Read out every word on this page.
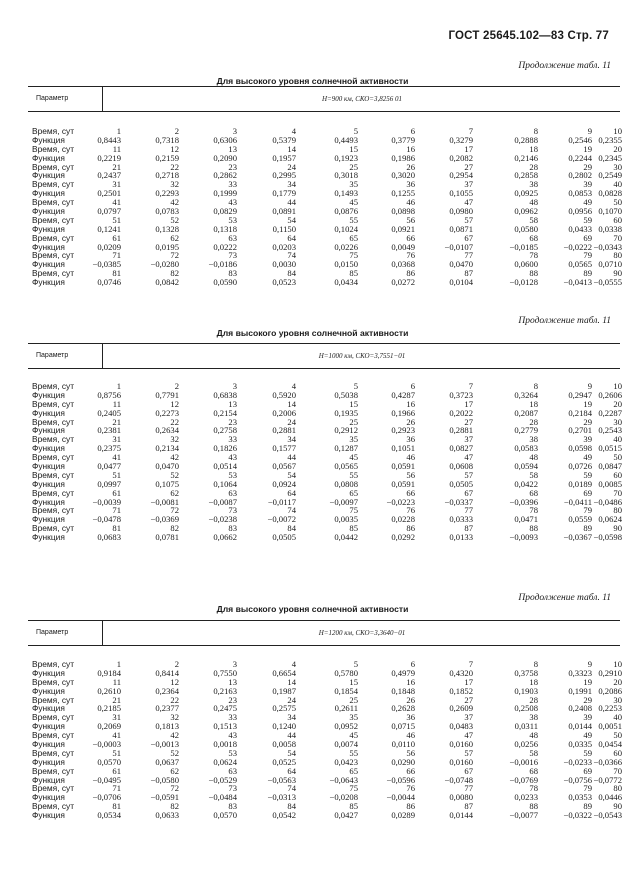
ГОСТ 25645.102—83 Стр. 77
Продолжение табл. 11
Для высокого уровня солнечной активности
Параметр	H=900 км, СКО=3,8256 01
Время, сут	1	2	3	4	5	6	7	8	9	10
Функция	0,8443	0,7318	0,6306	0,5379	0,4493	0,3779	0,3279	0,2888	0,2546 0,2355
Время, сут	11	12	13	14	15	16	17	18	19	20
Функция	0,2219	0,2159	0,2090	0,1957	0,1923	0,1986	0,2082	0,2146	0,2244 0,2345
Время, сут	21	22	23	24	25	26	27	28	29	30
Функция	0,2437	0,2718	0,2862	0,2995	0,3018	0,3020	0,2954	0,2858	0,2802 0,2549
Время, сут	31	32	33	34	35	36	37	38	39	40
Функция	0,2501	0,2293	0,1999	0,1779	0,1493	0,1255	0,1055	0,0925	0,0853 0,0828
Время, сут	41	42	43	44	45	46	47	48	49	50
Функция	0,0797	0,0783	0,0829	0,0891	0,0876	0,0898	0,0980	0,0962	0,0956 0,1070
Время, сут	51	52	53	54	55	56	57	58	59	60
Функция	0,1241	0,1328	0,1318	0,1150	0,1024	0,0921	0,0871	0,0580	0,0433 0,0338
Время, сут	61	62	63	64	65	66	67	68	69	70
Функция	0,0209	0,0195	0,0222	0,0203	0,0226	0,0049	−0,0107	−0,0185	−0,0222 −0,0343
Время, сут	71	72	73	74	75	76	77	78	79	80
Функция	−0,0385	−0,0280	−0,0186	0,0030	0,0150	0,0368	0,0470	0,0600	0,0565 0,0710
Время, сут	81	82	83	84	85	86	87	88	89	90
Функция	0,0746	0,0842	0,0590	0,0523	0,0434	0,0272	0,0104	−0,0128	−0,0413 −0,0555
Продолжение табл. 11
Для высокого уровня солнечной активности
Параметр	H=1000 км, СКО=3,7551−01
Время, сут	1	2	3	4	5	6	7	8	9	10
Функция	0,8756	0,7791	0,6838	0,5920	0,5038	0,4287	0,3723	0,3264	0,2947 0,2606
Время, сут	11	12	13	14	15	16	17	18	19	20
Функция	0,2405	0,2273	0,2154	0,2006	0,1935	0,1966	0,2022	0,2087	0,2184 0,2287
Время, сут	21	22	23	24	25	26	27	28	29	30
Функция	0,2381	0,2634	0,2758	0,2881	0,2912	0,2923	0,2881	0,2779	0,2701 0,2543
Время, сут	31	32	33	34	35	36	37	38	39	40
Функция	0,2375	0,2134	0,1826	0,1577	0,1287	0,1051	0,0827	0,0583	0,0598 0,0515
Время, сут	41	42	43	44	45	46	47	48	49	50
Функция	0,0477	0,0470	0,0514	0,0567	0,0565	0,0591	0,0608	0,0594	0,0726 0,0847
Время, сут	51	52	53	54	55	56	57	58	59	60
Функция	0,0997	0,1075	0,1064	0,0924	0,0808	0,0591	0,0505	0,0422	0,0189 0,0085
Время, сут	61	62	63	64	65	66	67	68	69	70
Функция	−0,0039	−0,0081	−0,0087	−0,0117	−0,0097	−0,0223	−0,0337	−0,0396	−0,0411 −0,0486
Время, сут	71	72	73	74	75	76	77	78	79	80
Функция	−0,0478	−0,0369	−0,0238	−0,0072	0,0035	0,0228	0,0333	0,0471	0,0559 0,0624
Время, сут	81	82	83	84	85	86	87	88	89	90
Функция	0,0683	0,0781	0,0662	0,0505	0,0442	0,0292	0,0133	−0,0093	−0,0367 −0,0598
Продолжение табл. 11
Для высокого уровня солнечной активности
Параметр	H=1200 км, СКО=3,3640−01
Время, сут	1	2	3	4	5	6	7	8	9	10
Функция	0,9184	0,8414	0,7550	0,6654	0,5780	0,4979	0,4320	0,3758	0,3323 0,2910
Время, сут	11	12	13	14	15	16	17	18	19	20
Функция	0,2610	0,2364	0,2163	0,1987	0,1854	0,1848	0,1852	0,1903	0,1991 0,2086
Время, сут	21	22	23	24	25	26	27	28	29	30
Функция	0,2185	0,2377	0,2475	0,2575	0,2611	0,2628	0,2609	0,2508	0,2408 0,2253
Время, сут	31	32	33	34	35	36	37	38	39	40
Функция	0,2069	0,1813	0,1513	0,1240	0,0952	0,0715	0,0483	0,0311	0,0144 0,0051
Время, сут	41	42	43	44	45	46	47	48	49	50
Функция	−0,0003	−0,0013	0,0018	0,0058	0,0074	0,0110	0,0160	0,0256	0,0335 0,0454
Время, сут	51	52	53	54	55	56	57	58	59	60
Функция	0,0570	0,0637	0,0624	0,0525	0,0423	0,0290	0,0160	−0,0016	−0,0233 −0,0366
Время, сут	61	62	63	64	65	66	67	68	69	70
Функция	−0,0495	−0,0580	−0,0529	−0,0563	−0,0643	−0,0596	−0,0748	−0,0769	−0,0756 −0,0772
Время, сут	71	72	73	74	75	76	77	78	79	80
Функция	−0,0706	−0,0591	−0,0484	−0,0313	−0,0208	−0,0044	0,0080	0,0233	0,0353 0,0446
Время, сут	81	82	83	84	85	86	87	88	89	90
Функция	0,0534	0,0633	0,0570	0,0542	0,0427	0,0289	0,0144	−0,0077	−0,0322 −0,0543
